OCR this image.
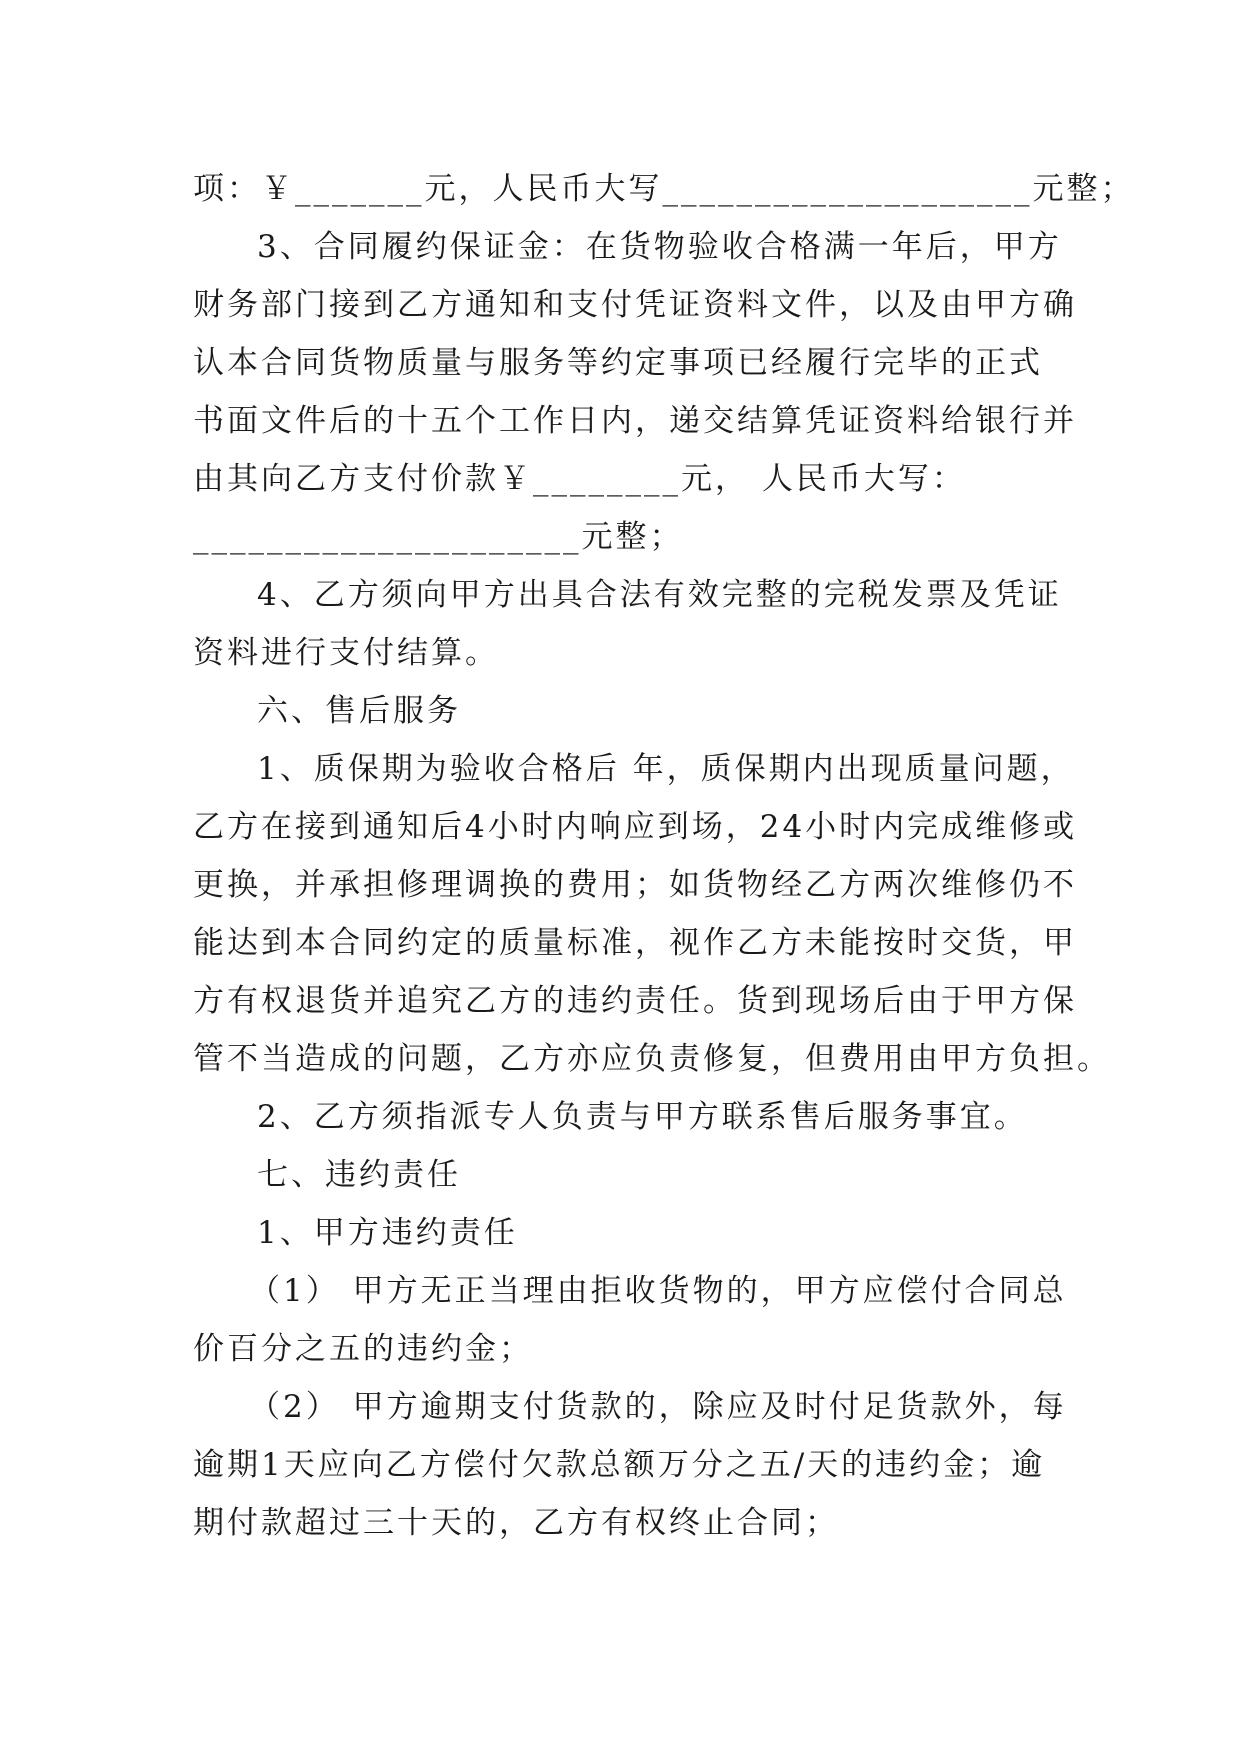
项：￥_______元，人民币大写____________________元整；
3、合同履约保证金：在货物验收合格满一年后，甲方
财务部门接到乙方通知和支付凭证资料文件，以及由甲方确
认本合同货物质量与服务等约定事项已经履行完毕的正式
书面文件后的十五个工作日内，递交结算凭证资料给银行并
由其向乙方支付价款￥________元， 人民币大写：
_____________________元整；
4、乙方须向甲方出具合法有效完整的完税发票及凭证
资料进行支付结算。
六、售后服务
1、质保期为验收合格后 年，质保期内出现质量问题，
乙方在接到通知后4小时内响应到场，24小时内完成维修或
更换，并承担修理调换的费用；如货物经乙方两次维修仍不
能达到本合同约定的质量标准，视作乙方未能按时交货，甲
方有权退货并追究乙方的违约责任。货到现场后由于甲方保
管不当造成的问题，乙方亦应负责修复，但费用由甲方负担。
2、乙方须指派专人负责与甲方联系售后服务事宜。
七、违约责任
1、甲方违约责任
（1） 甲方无正当理由拒收货物的，甲方应偿付合同总
价百分之五的违约金；
（2） 甲方逾期支付货款的，除应及时付足货款外，每
逾期1天应向乙方偿付欠款总额万分之五/天的违约金；逾
期付款超过三十天的，乙方有权终止合同；
